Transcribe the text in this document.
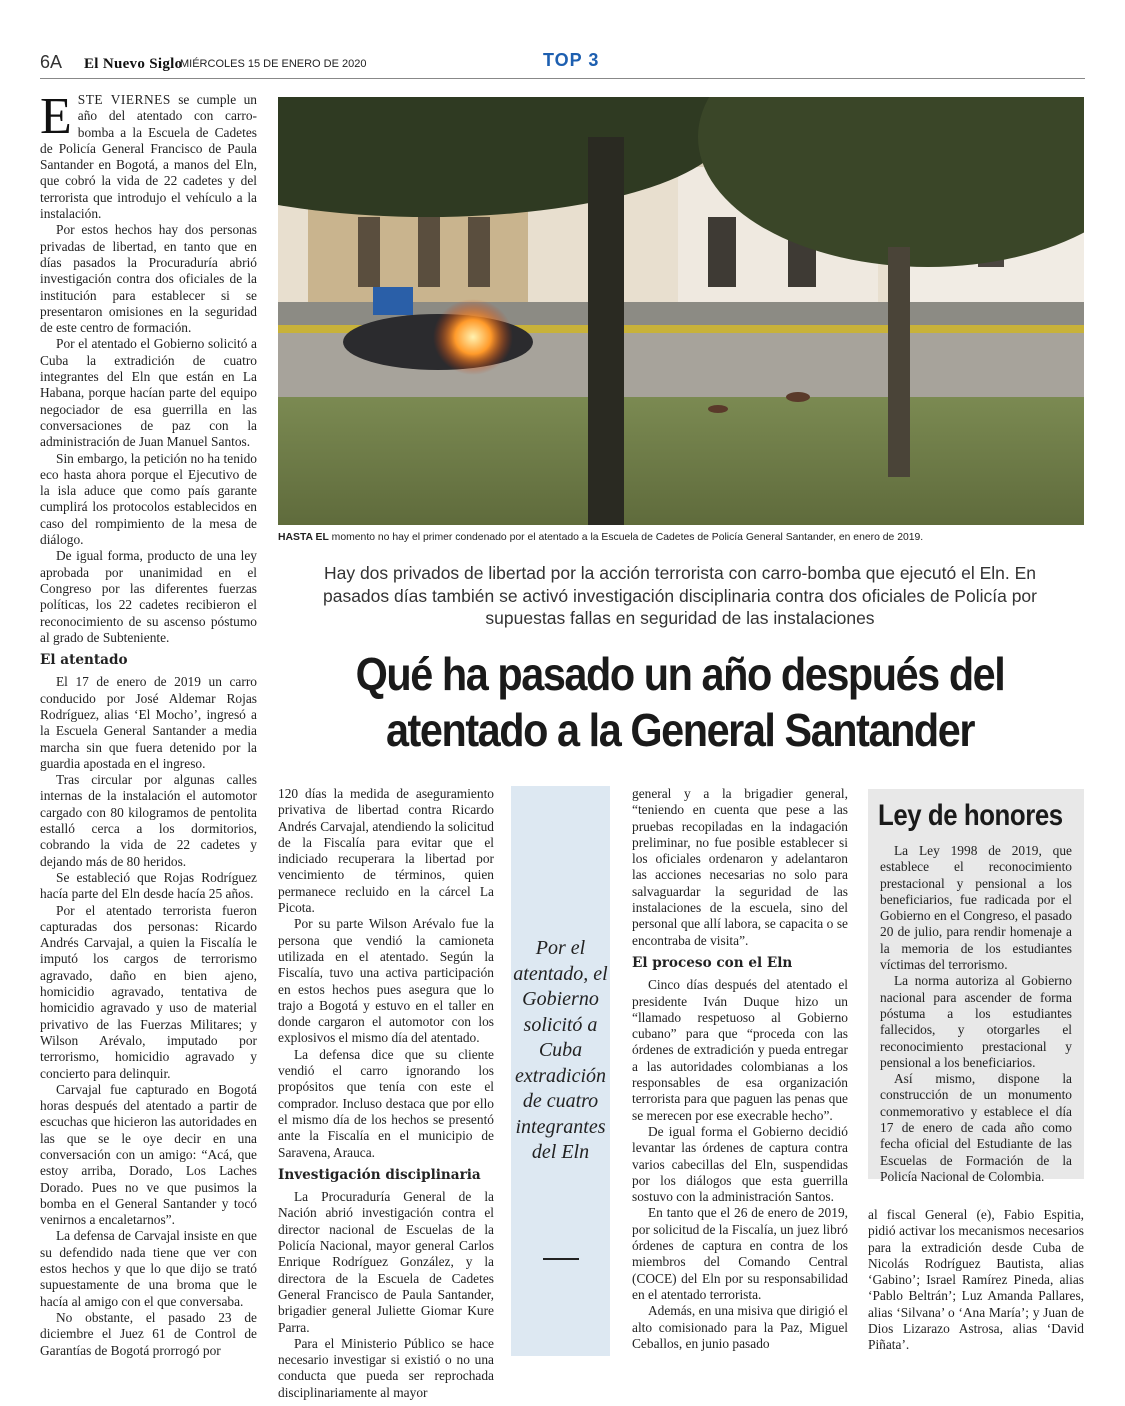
6A El Nuevo Siglo
MIÉRCOLES 15 DE ENERO DE 2020	TOP 3

ESTE VIERNES se cumple un año del atentado con carro-bomba a la Escuela de Cadetes de Policía General Francisco de Paula Santander en Bogotá, a manos del Eln, que cobró la vida de 22 cadetes y del terrorista que introdujo el vehículo a la instalación.

Por estos hechos hay dos personas privadas de libertad, en tanto que en días pasados la Procuraduría abrió investigación contra dos oficiales de la institución para establecer si se presentaron omisiones en la seguridad de este centro de formación.

Por el atentado el Gobierno solicitó a Cuba la extradición de cuatro integrantes del Eln que están en La Habana, porque hacían parte del equipo negociador de esa guerrilla en las conversaciones de paz con la administración de Juan Manuel Santos.

Sin embargo, la petición no ha tenido eco hasta ahora porque el Ejecutivo de la isla aduce que como país garante cumplirá los protocolos establecidos en caso del rompimiento de la mesa de diálogo.

De igual forma, producto de una ley aprobada por unanimidad en el Congreso por las diferentes fuerzas políticas, los 22 cadetes recibieron el reconocimiento de su ascenso póstumo al grado de Subteniente.

El atentado

El 17 de enero de 2019 un carro conducido por José Aldemar Rojas Rodríguez, alias ‘El Mocho’, ingresó a la Escuela General Santander a media marcha sin que fuera detenido por la guardia apostada en el ingreso.

Tras circular por algunas calles internas de la instalación el automotor cargado con 80 kilogramos de pentolita estalló cerca a los dormitorios, cobrando la vida de 22 cadetes y dejando más de 80 heridos.

Se estableció que Rojas Rodríguez hacía parte del Eln desde hacía 25 años.

Por el atentado terrorista fueron capturadas dos personas: Ricardo Andrés Carvajal, a quien la Fiscalía le imputó los cargos de terrorismo agravado, daño en bien ajeno, homicidio agravado, tentativa de homicidio agravado y uso de material privativo de las Fuerzas Militares; y Wilson Arévalo, imputado por terrorismo, homicidio agravado y concierto para delinquir.

Carvajal fue capturado en Bogotá horas después del atentado a partir de escuchas que hicieron las autoridades en las que se le oye decir en una conversación con un amigo: “Acá, que estoy arriba, Dorado, Los Laches Dorado. Pues no ve que pusimos la bomba en el General Santander y tocó venirnos a encaletarnos”.

La defensa de Carvajal insiste en que su defendido nada tiene que ver con estos hechos y que lo que dijo se trató supuestamente de una broma que le hacía al amigo con el que conversaba.

No obstante, el pasado 23 de diciembre el Juez 61 de Control de Garantías de Bogotá prorrogó por

HASTA EL momento no hay el primer condenado por el atentado a la Escuela de Cadetes de Policía General Santander, en enero de 2019.
Hay dos privados de libertad por la acción terrorista con carro-bomba que ejecutó el Eln. En pasados días también se activó investigación disciplinaria contra dos oficiales de Policía por supuestas fallas en seguridad de las instalaciones
Qué ha pasado un año después del atentado a la General Santander

120 días la medida de aseguramiento privativa de libertad contra Ricardo Andrés Carvajal, atendiendo la solicitud de la Fiscalía para evitar que el indiciado recuperara la libertad por vencimiento de términos, quien permanece recluido en la cárcel La Picota.

Por su parte Wilson Arévalo fue la persona que vendió la camioneta utilizada en el atentado. Según la Fiscalía, tuvo una activa participación en estos hechos pues asegura que lo trajo a Bogotá y estuvo en el taller en donde cargaron el automotor con los explosivos el mismo día del atentado.

La defensa dice que su cliente vendió el carro ignorando los propósitos que tenía con este el comprador. Incluso destaca que por ello el mismo día de los hechos se presentó ante la Fiscalía en el municipio de Saravena, Arauca.

Investigación disciplinaria

La Procuraduría General de la Nación abrió investigación contra el director nacional de Escuelas de la Policía Nacional, mayor general Carlos Enrique Rodríguez González, y la directora de la Escuela de Cadetes General Francisco de Paula Santander, brigadier general Juliette Giomar Kure Parra.

Para el Ministerio Público se hace necesario investigar si existió o no una conducta que pueda ser reprochada disciplinariamente al mayor

Por el atentado, el Gobierno solicitó a Cuba extradición de cuatro integrantes del Eln

general y a la brigadier general, “teniendo en cuenta que pese a las pruebas recopiladas en la indagación preliminar, no fue posible establecer si los oficiales ordenaron y adelantaron las acciones necesarias no solo para salvaguardar la seguridad de las instalaciones de la escuela, sino del personal que allí labora, se capacita o se encontraba de visita”.

El proceso con el Eln

Cinco días después del atentado el presidente Iván Duque hizo un “llamado respetuoso al Gobierno cubano” para que “proceda con las órdenes de extradición y pueda entregar a las autoridades colombianas a los responsables de esa organización terrorista para que paguen las penas que se merecen por ese execrable hecho”.

De igual forma el Gobierno decidió levantar las órdenes de captura contra varios cabecillas del Eln, suspendidas por los diálogos que esta guerrilla sostuvo con la administración Santos.

En tanto que el 26 de enero de 2019, por solicitud de la Fiscalía, un juez libró órdenes de captura en contra de los miembros del Comando Central (COCE) del Eln por su responsabilidad en el atentado terrorista.

Además, en una misiva que dirigió el alto comisionado para la Paz, Miguel Ceballos, en junio pasado

Ley de honores

La Ley 1998 de 2019, que establece el reconocimiento prestacional y pensional a los beneficiarios, fue radicada por el Gobierno en el Congreso, el pasado 20 de julio, para rendir homenaje a la memoria de los estudiantes víctimas del terrorismo.

La norma autoriza al Gobierno nacional para ascender de forma póstuma a los estudiantes fallecidos, y otorgarles el reconocimiento prestacional y pensional a los beneficiarios.

Así mismo, dispone la construcción de un monumento conmemorativo y establece el día 17 de enero de cada año como fecha oficial del Estudiante de las Escuelas de Formación de la Policía Nacional de Colombia.

al fiscal General (e), Fabio Espitia, pidió activar los mecanismos necesarios para la extradición desde Cuba de Nicolás Rodríguez Bautista, alias ‘Gabino’; Israel Ramírez Pineda, alias ‘Pablo Beltrán’; Luz Amanda Pallares, alias ‘Silvana’ o ‘Ana María’; y Juan de Dios Lizarazo Astrosa, alias ‘David Piñata’.
